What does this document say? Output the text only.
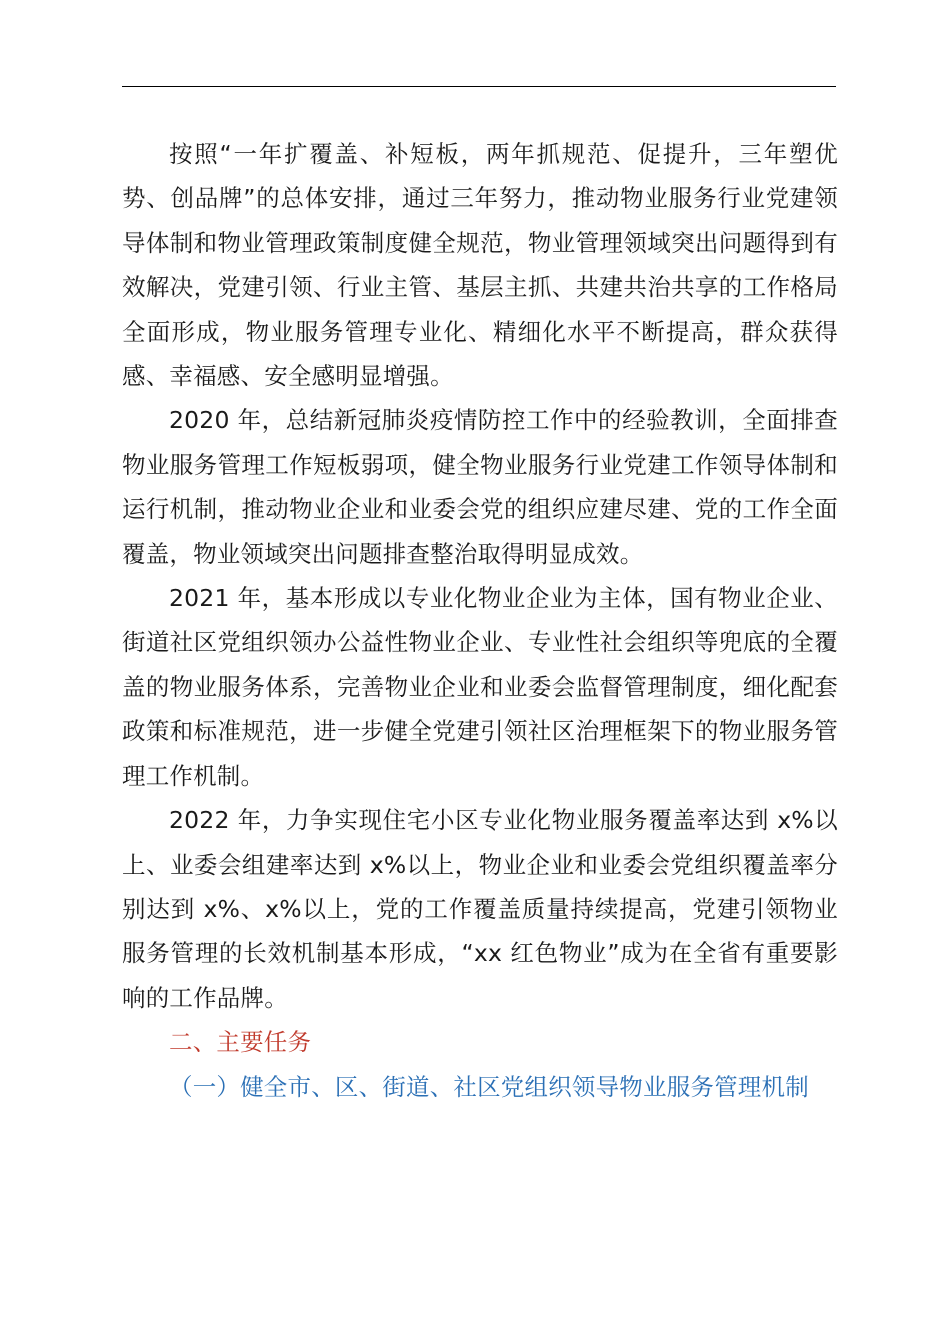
按照“一年扩覆盖、补短板，两年抓规范、促提升，三年塑优势、创品牌”的总体安排，通过三年努力，推动物业服务行业党建领导体制和物业管理政策制度健全规范，物业管理领域突出问题得到有效解决，党建引领、行业主管、基层主抓、共建共治共享的工作格局全面形成，物业服务管理专业化、精细化水平不断提高，群众获得感、幸福感、安全感明显增强。

2020 年，总结新冠肺炎疫情防控工作中的经验教训，全面排查物业服务管理工作短板弱项，健全物业服务行业党建工作领导体制和运行机制，推动物业企业和业委会党的组织应建尽建、党的工作全面覆盖，物业领域突出问题排查整治取得明显成效。

2021 年，基本形成以专业化物业企业为主体，国有物业企业、街道社区党组织领办公益性物业企业、专业性社会组织等兜底的全覆盖的物业服务体系，完善物业企业和业委会监督管理制度，细化配套政策和标准规范，进一步健全党建引领社区治理框架下的物业服务管理工作机制。

2022 年，力争实现住宅小区专业化物业服务覆盖率达到 x%以上、业委会组建率达到 x%以上，物业企业和业委会党组织覆盖率分别达到 x%、x%以上，党的工作覆盖质量持续提高，党建引领物业服务管理的长效机制基本形成，“xx 红色物业”成为在全省有重要影响的工作品牌。

二、主要任务

（一）健全市、区、街道、社区党组织领导物业服务管理机制
